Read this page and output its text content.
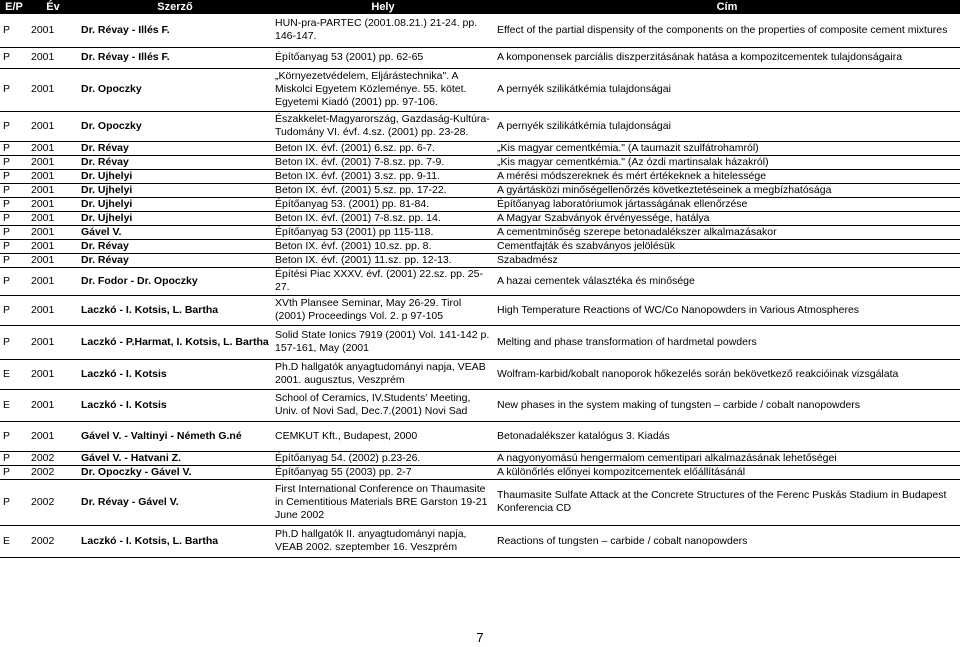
E/P	Év	Szerző	Hely	Cím
P	2001	Dr. Révay - Illés F.	HUN-pra-PARTEC (2001.08.21.) 21-24. pp. 146-147.	Effect of the partial dispensity of the components on the properties of composite cement mixtures
P	2001	Dr. Révay - Illés F.	Építőanyag 53 (2001) pp. 62-65	A komponensek parciális diszperzitásának hatása a kompozitcementek tulajdonságaira
P	2001	Dr. Opoczky	„Környezetvédelem, Eljárástechnika". A Miskolci Egyetem Közleménye. 55. kötet. Egyetemi Kiadó (2001) pp. 97-106.	A pernyék szilikátkémia tulajdonságai
P	2001	Dr. Opoczky	Északkelet-Magyarország, Gazdaság-Kultúra-Tudomány VI. évf. 4.sz. (2001) pp. 23-28.	A pernyék szilikátkémia tulajdonságai
P	2001	Dr. Révay	Beton IX. évf. (2001) 6.sz. pp. 6-7.	„Kis magyar cementkémia." (A taumazit szulfátrohamról)
P	2001	Dr. Révay	Beton IX. évf. (2001) 7-8.sz. pp. 7-9.	„Kis magyar cementkémia." (Az ózdi martinsalak házakról)
P	2001	Dr. Ujhelyi	Beton IX. évf. (2001) 3.sz. pp. 9-11.	A mérési módszereknek és mért értékeknek a hitelessége
P	2001	Dr. Ujhelyi	Beton IX. évf. (2001) 5.sz. pp. 17-22.	A gyártásközi minőségellenőrzés következtetéseinek a megbízhatósága
P	2001	Dr. Ujhelyi	Építőanyag 53. (2001) pp. 81-84.	Építőanyag laboratóriumok jártasságának ellenőrzése
P	2001	Dr. Ujhelyi	Beton IX. évf. (2001) 7-8.sz. pp. 14.	A Magyar Szabványok érvényessége, hatálya
P	2001	Gável V.	Építőanyag 53 (2001) pp 115-118.	A cementminőség szerepe betonadalékszer alkalmazásakor
P	2001	Dr. Révay	Beton IX. évf. (2001) 10.sz. pp. 8.	Cementfajták és szabványos jelölésük
P	2001	Dr. Révay	Beton IX. évf. (2001) 11.sz. pp. 12-13.	Szabadmész
P	2001	Dr. Fodor - Dr. Opoczky	Építési Piac XXXV. évf. (2001) 22.sz. pp. 25-27.	A hazai cementek választéka és minősége
P	2001	Laczkó - I. Kotsis, L. Bartha	XVth Plansee Seminar, May 26-29. Tirol (2001) Proceedings Vol. 2. p 97-105	High Temperature Reactions of WC/Co Nanopowders in Various Atmospheres
P	2001	Laczkó - P.Harmat, I. Kotsis, L. Bartha	Solid State Ionics 7919 (2001) Vol. 141-142 p. 157-161, May (2001	Melting and phase transformation of hardmetal powders
E	2001	Laczkó - I. Kotsis	Ph.D hallgatók anyagtudományi napja, VEAB 2001. augusztus, Veszprém	Wolfram-karbid/kobalt nanoporok hőkezelés során bekövetkező reakcióinak vizsgálata
E	2001	Laczkó - I. Kotsis	School of Ceramics, IV.Students' Meeting, Univ. of Novi Sad, Dec.7.(2001) Novi Sad	New phases in the system making of tungsten – carbide / cobalt nanopowders
P	2001	Gável V. - Valtinyi - Németh G.né	CEMKUT Kft., Budapest, 2000	Betonadalékszer katalógus 3. Kiadás
P	2002	Gável V. - Hatvani Z.	Építőanyag 54. (2002) p.23-26.	A nagyonyomású hengermalom cementipari alkalmazásának lehetőségei
P	2002	Dr. Opoczky - Gável V.	Építőanyag 55 (2003) pp. 2-7	A különőrlés előnyei kompozitcementek előállításánál
P	2002	Dr. Révay - Gável V.	First International Conference on Thaumasite in Cementitious Materials BRE Garston 19-21 June 2002	Thaumasite Sulfate Attack at the Concrete Structures of the Ferenc Puskás Stadium in Budapest Konferencia CD
E	2002	Laczkó - I. Kotsis, L. Bartha	Ph.D hallgatók II. anyagtudományi napja, VEAB 2002. szeptember 16. Veszprém	Reactions of tungsten – carbide / cobalt nanopowders
7
